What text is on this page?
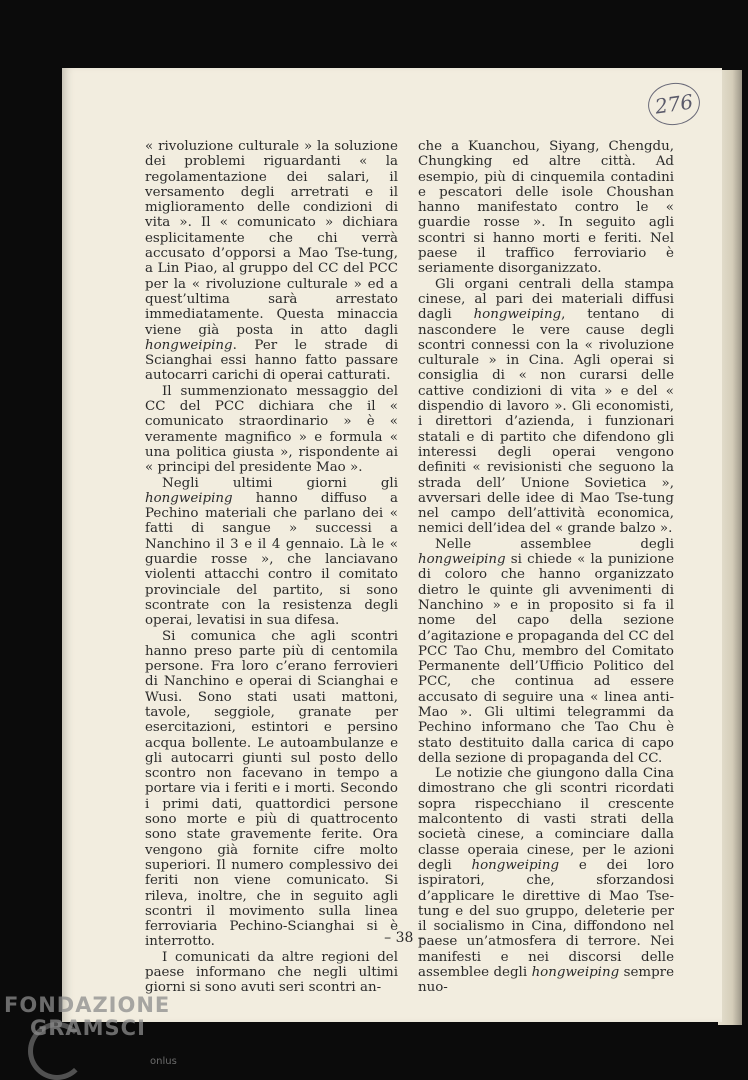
276

« rivoluzione culturale » la soluzione dei problemi riguardanti « la regolamentazione dei salari, il versamento degli arretrati e il miglioramento delle condizioni di vita ». Il « comunicato » dichiara esplicitamente che chi verrà accusato d’opporsi a Mao Tse-tung, a Lin Piao, al gruppo del CC del PCC per la « rivoluzione culturale » ed a quest’ultima sarà arrestato immediatamente. Questa minaccia viene già posta in atto dagli hongweiping. Per le strade di Scianghai essi hanno fatto passare autocarri carichi di operai catturati.

Il summenzionato messaggio del CC del PCC dichiara che il « comunicato straordinario » è « veramente magnifico » e formula « una politica giusta », rispondente ai « principi del presidente Mao ».

Negli ultimi giorni gli hongweiping hanno diffuso a Pechino materiali che parlano dei « fatti di sangue » successi a Nanchino il 3 e il 4 gennaio. Là le « guardie rosse », che lanciavano violenti attacchi contro il comitato provinciale del partito, si sono scontrate con la resistenza degli operai, levatisi in sua difesa.

Si comunica che agli scontri hanno preso parte più di centomila persone. Fra loro c’erano ferrovieri di Nanchino e operai di Scianghai e Wusi. Sono stati usati mattoni, tavole, seggiole, granate per esercitazioni, estintori e persino acqua bollente. Le autoambulanze e gli autocarri giunti sul posto dello scontro non facevano in tempo a portare via i feriti e i morti. Secondo i primi dati, quattordici persone sono morte e più di quattrocento sono state gravemente ferite. Ora vengono già fornite cifre molto superiori. Il numero complessivo dei feriti non viene comunicato. Si rileva, inoltre, che in seguito agli scontri il movimento sulla linea ferroviaria Pechino-Scianghai si è interrotto.

I comunicati da altre regioni del paese informano che negli ultimi giorni si sono avuti seri scontri an-

che a Kuanchou, Siyang, Chengdu, Chungking ed altre città. Ad esempio, più di cinquemila contadini e pescatori delle isole Choushan hanno manifestato contro le « guardie rosse ». In seguito agli scontri si hanno morti e feriti. Nel paese il traffico ferroviario è seriamente disorganizzato.

Gli organi centrali della stampa cinese, al pari dei materiali diffusi dagli hongweiping, tentano di nascondere le vere cause degli scontri connessi con la « rivoluzione culturale » in Cina. Agli operai si consiglia di « non curarsi delle cattive condizioni di vita » e del « dispendio di lavoro ». Gli economisti, i direttori d’azienda, i funzionari statali e di partito che difendono gli interessi degli operai vengono definiti « revisionisti che seguono la strada dell’ Unione Sovietica », avversari delle idee di Mao Tse-tung nel campo dell’attività economica, nemici dell’idea del « grande balzo ».

Nelle assemblee degli hongweiping si chiede « la punizione di coloro che hanno organizzato dietro le quinte gli avvenimenti di Nanchino » e in proposito si fa il nome del capo della sezione d’agitazione e propaganda del CC del PCC Tao Chu, membro del Comitato Permanente dell’Ufficio Politico del PCC, che continua ad essere accusato di seguire una « linea anti-Mao ». Gli ultimi telegrammi da Pechino informano che Tao Chu è stato destituito dalla carica di capo della sezione di propaganda del CC.

Le notizie che giungono dalla Cina dimostrano che gli scontri ricordati sopra rispecchiano il crescente malcontento di vasti strati della società cinese, a cominciare dalla classe operaia cinese, per le azioni degli hongweiping e dei loro ispiratori, che, sforzandosi d’applicare le direttive di Mao Tse-tung e del suo gruppo, deleterie per il socialismo in Cina, diffondono nel paese un’atmosfera di terrore. Nei manifesti e nei discorsi delle assemblee degli hongweiping sempre nuo-

– 38 –
FONDAZIONE
GRAMSCI
onlus
